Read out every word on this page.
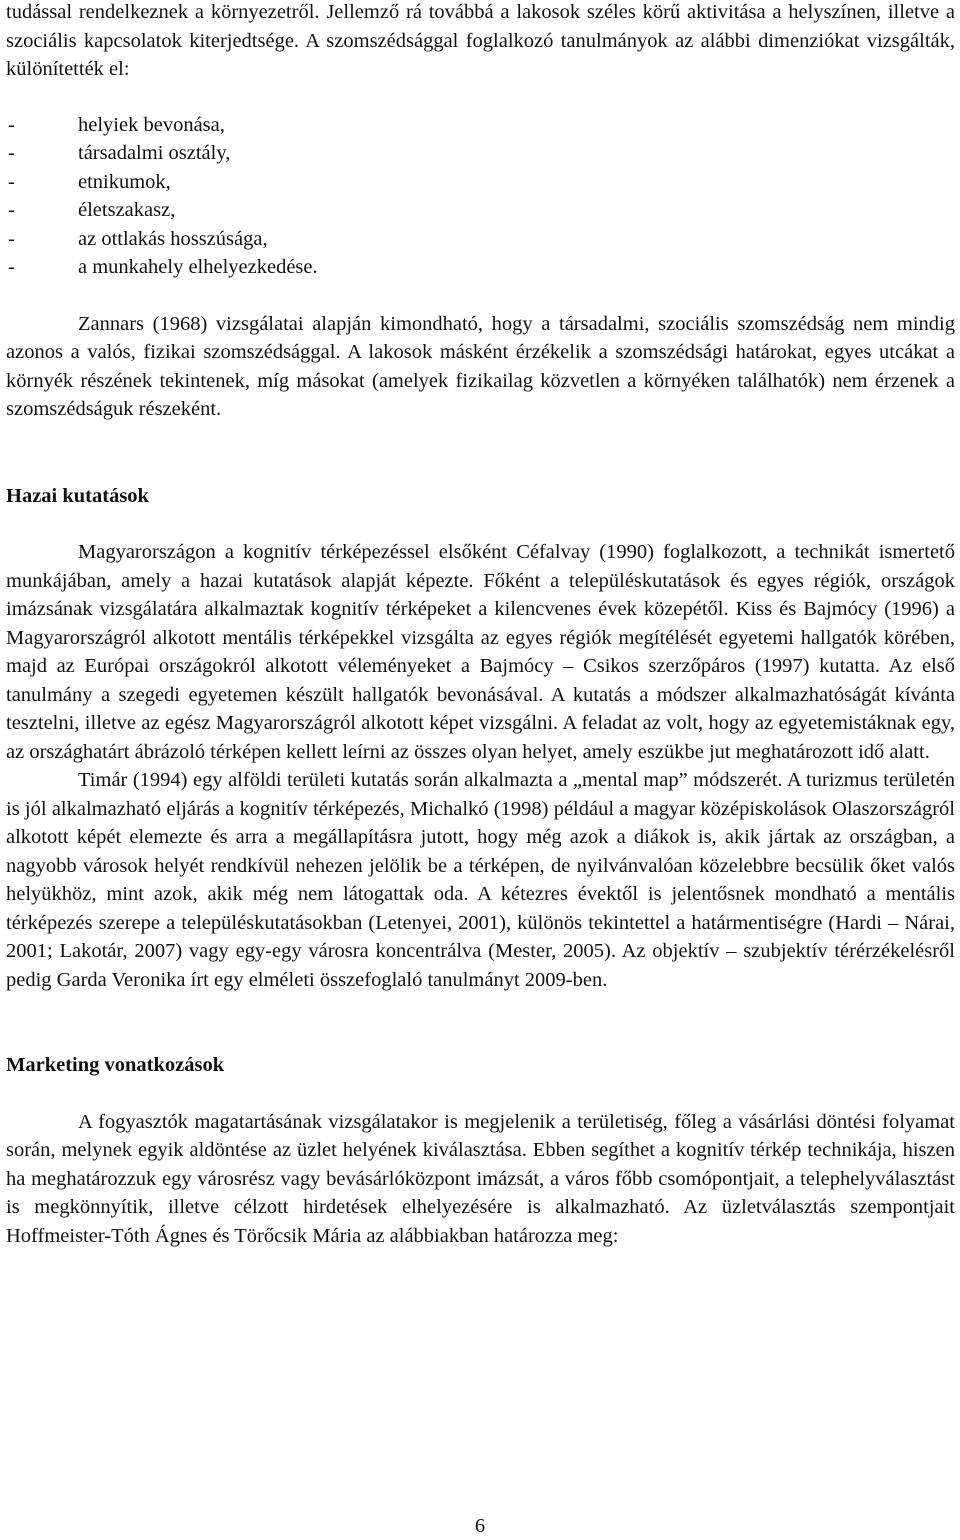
tudással rendelkeznek a környezetről. Jellemző rá továbbá a lakosok széles körű aktivitása a helyszínen, illetve a szociális kapcsolatok kiterjedtsége. A szomszédsággal foglalkozó tanulmányok az alábbi dimenziókat vizsgálták, különítették el:

-	helyiek bevonása,
-	társadalmi osztály,
-	etnikumok,
-	életszakasz,
-	az ottlakás hosszúsága,
-	a munkahely elhelyezkedése.

Zannars (1968) vizsgálatai alapján kimondható, hogy a társadalmi, szociális szomszédság nem mindig azonos a valós, fizikai szomszédsággal. A lakosok másként érzékelik a szomszédsági határokat, egyes utcákat a környék részének tekintenek, míg másokat (amelyek fizikailag közvetlen a környéken találhatók) nem érzenek a szomszédságuk részeként.

Hazai kutatások

Magyarországon a kognitív térképezéssel elsőként Céfalvay (1990) foglalkozott, a technikát ismertető munkájában, amely a hazai kutatások alapját képezte. Főként a településkutatások és egyes régiók, országok imázsának vizsgálatára alkalmaztak kognitív térképeket a kilencvenes évek közepétől. Kiss és Bajmócy (1996) a Magyarországról alkotott mentális térképekkel vizsgálta az egyes régiók megítélését egyetemi hallgatók körében, majd az Európai országokról alkotott véleményeket a Bajmócy – Csikos szerzőpáros (1997) kutatta. Az első tanulmány a szegedi egyetemen készült hallgatók bevonásával. A kutatás a módszer alkalmazhatóságát kívánta tesztelni, illetve az egész Magyarországról alkotott képet vizsgálni. A feladat az volt, hogy az egyetemistáknak egy, az országhatárt ábrázoló térképen kellett leírni az összes olyan helyet, amely eszükbe jut meghatározott idő alatt.

Timár (1994) egy alföldi területi kutatás során alkalmazta a „mental map” módszerét. A turizmus területén is jól alkalmazható eljárás a kognitív térképezés, Michalkó (1998) például a magyar középiskolások Olaszországról alkotott képét elemezte és arra a megállapításra jutott, hogy még azok a diákok is, akik jártak az országban, a nagyobb városok helyét rendkívül nehezen jelölik be a térképen, de nyilvánvalóan közelebbre becsülik őket valós helyükhöz, mint azok, akik még nem látogattak oda. A kétezres évektől is jelentősnek mondható a mentális térképezés szerepe a településkutatásokban (Letenyei, 2001), különös tekintettel a határmentiségre (Hardi – Nárai, 2001; Lakotár, 2007) vagy egy-egy városra koncentrálva (Mester, 2005). Az objektív – szubjektív térérzékelésről pedig Garda Veronika írt egy elméleti összefoglaló tanulmányt 2009-ben.

Marketing vonatkozások

A fogyasztók magatartásának vizsgálatakor is megjelenik a területiség, főleg a vásárlási döntési folyamat során, melynek egyik aldöntése az üzlet helyének kiválasztása. Ebben segíthet a kognitív térkép technikája, hiszen ha meghatározzuk egy városrész vagy bevásárlóközpont imázsát, a város főbb csomópontjait, a telephelyválasztást is megkönnyítik, illetve célzott hirdetések elhelyezésére is alkalmazható. Az üzletválasztás szempontjait Hoffmeister-Tóth Ágnes és Törőcsik Mária az alábbiakban határozza meg:

6
